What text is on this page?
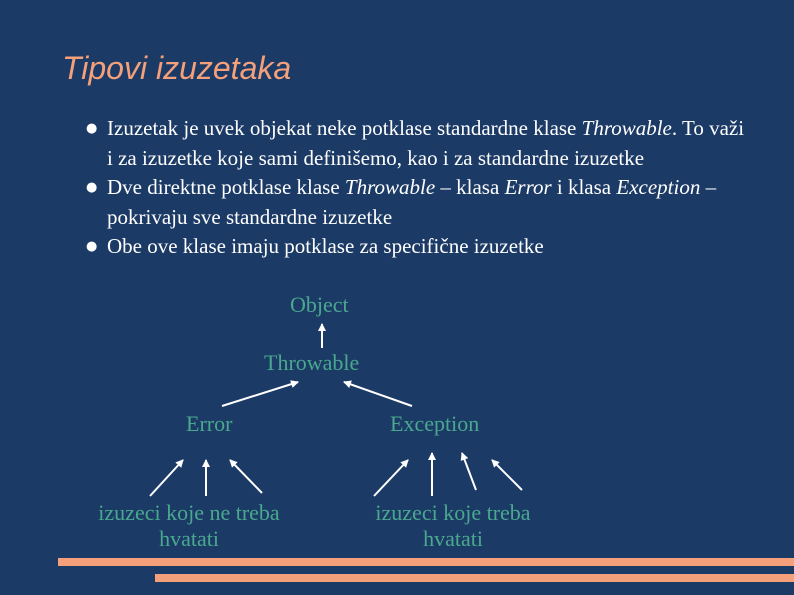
Tipovi izuzetaka
● Izuzetak je uvek objekat neke potklase standardne klase Throwable. To važi i za izuzetke koje sami definišemo, kao i za standardne izuzetke
● Dve direktne potklase klase Throwable – klasa Error i klasa Exception – pokrivaju sve standardne izuzetke
● Obe ove klase imaju potklase za specifične izuzetke
Object
Throwable
Error	Exception
izuzeci koje ne treba
hvatati
izuzeci koje treba
hvatati
